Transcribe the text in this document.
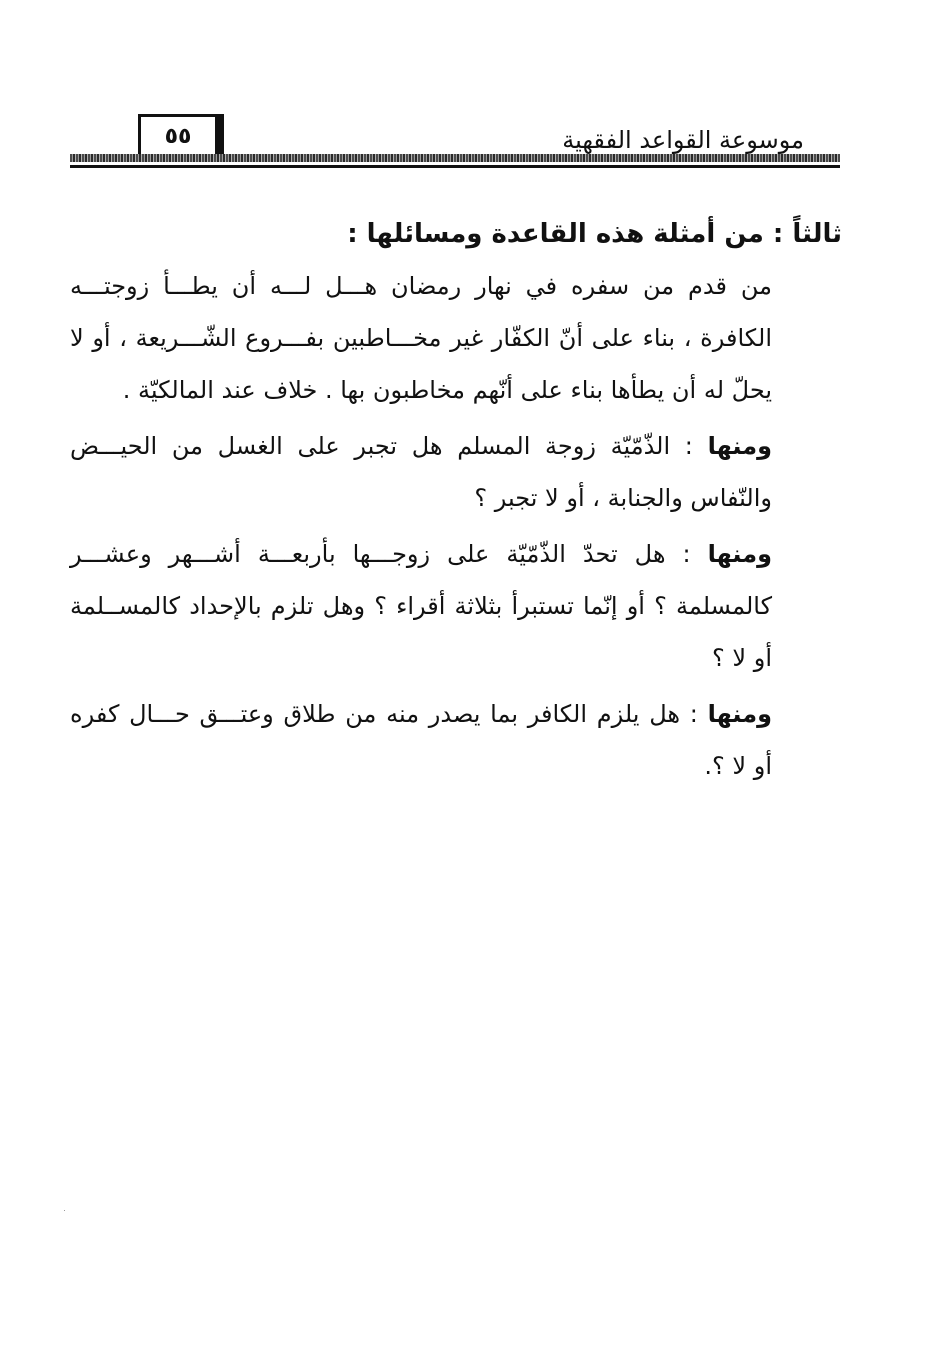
موسوعة القواعد الفقهية
٥٥

ثالثاً : من أمثلة هذه القاعدة ومسائلها :

من قدم من سفره في نهار رمضان هـــل لـــه أن يطـــأ زوجتـــه الكافرة ، بناء على أنّ الكفّار غير مخـــاطبين بفـــروع الشّـــريعة ، أو لا يحلّ له أن يطأها بناء على أنّهم مخاطبون بها . خلاف عند المالكيّة .

ومنها : الذّمّيّة زوجة المسلم هل تجبر على الغسل من الحيـــض والنّفاس والجنابة ، أو لا تجبر ؟

ومنها : هل تحدّ الذّمّيّة على زوجـــها بأربعـــة أشـــهر وعشـــر كالمسلمة ؟ أو إنّما تستبرأ بثلاثة أقراء ؟ وهل تلزم بالإحداد كالمســلمة أو لا ؟

ومنها : هل يلزم الكافر بما يصدر منه من طلاق وعتـــق حـــال كفره أو لا ؟.
